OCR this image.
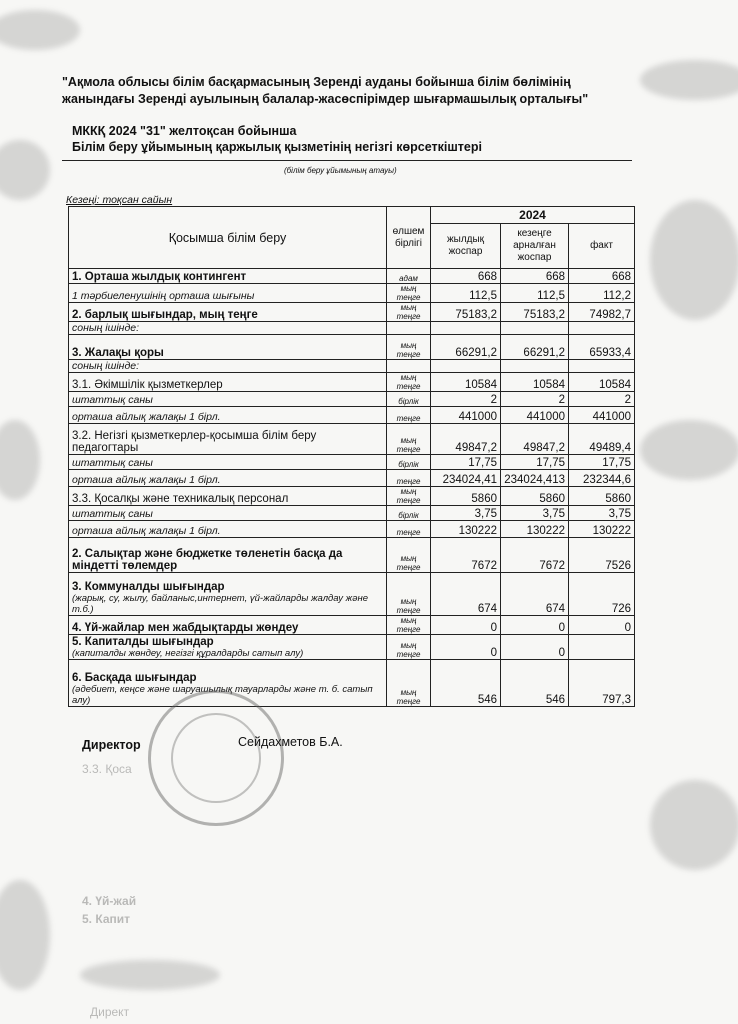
"Ақмола облысы білім басқармасының Зеренді ауданы бойынша білім бөлімінің жанындағы Зеренді ауылының балалар-жасөспірімдер шығармашылық орталығы"
МККҚ 2024 "31" желтоқсан бойынша
Білім беру ұйымының қаржылық қызметінің негізгі көрсеткіштері
(білім беру ұйымының атауы)
Кезеңі: тоқсан сайын
Қосымша білім беру	өлшем бірлігі	2024		
		жылдық жоспар	кезеңге арналған жоспар	факт
1. Орташа жылдық контингент	адам	668	668	668
1 тәрбиеленушінің орташа шығыны	мың теңге	112,5	112,5	112,2
2. барлық шығындар, мың теңге	мың теңге	75183,2	75183,2	74982,7
соның ішінде:				
3. Жалақы қоры	мың теңге	66291,2	66291,2	65933,4
соның ішінде:				
3.1. Әкімшілік қызметкерлер	мың теңге	10584	10584	10584
штаттық саны	бірлік	2	2	2
орташа айлық жалақы 1 бірл.	теңге	441000	441000	441000
3.2. Негізгі қызметкерлер-қосымша білім беру педагогтары	мың теңге	49847,2	49847,2	49489,4
штаттық саны	бірлік	17,75	17,75	17,75
орташа айлық жалақы 1 бірл.	теңге	234024,41	234024,413	232344,6
3.3. Қосалқы және техникалық персонал	мың теңге	5860	5860	5860
штаттық саны	бірлік	3,75	3,75	3,75
орташа айлық жалақы 1 бірл.	теңге	130222	130222	130222
2. Салықтар және бюджетке төленетін басқа да міндетті төлемдер	мың теңге	7672	7672	7526
3. Коммуналды шығындар
(жарық, су, жылу, байланыс,интернет, үй-жайларды жалдау және т.б.)	мың теңге	674	674	726
4. Үй-жайлар мен жабдықтарды жөндеу	мың теңге	0	0	0
5. Капиталды шығындар
(капиталды жөндеу, негізгі құралдарды сатып алу)	мың теңге	0	0	
6. Басқада шығындар
(әдебиет, кеңсе және шаруашылық тауарларды және т. б. сатып алу)	мың теңге	546	546	797,3
Директор	Сейдахметов Б.А.
3.3. Қоса
4. Үй-жай
5. Капит
Директ
